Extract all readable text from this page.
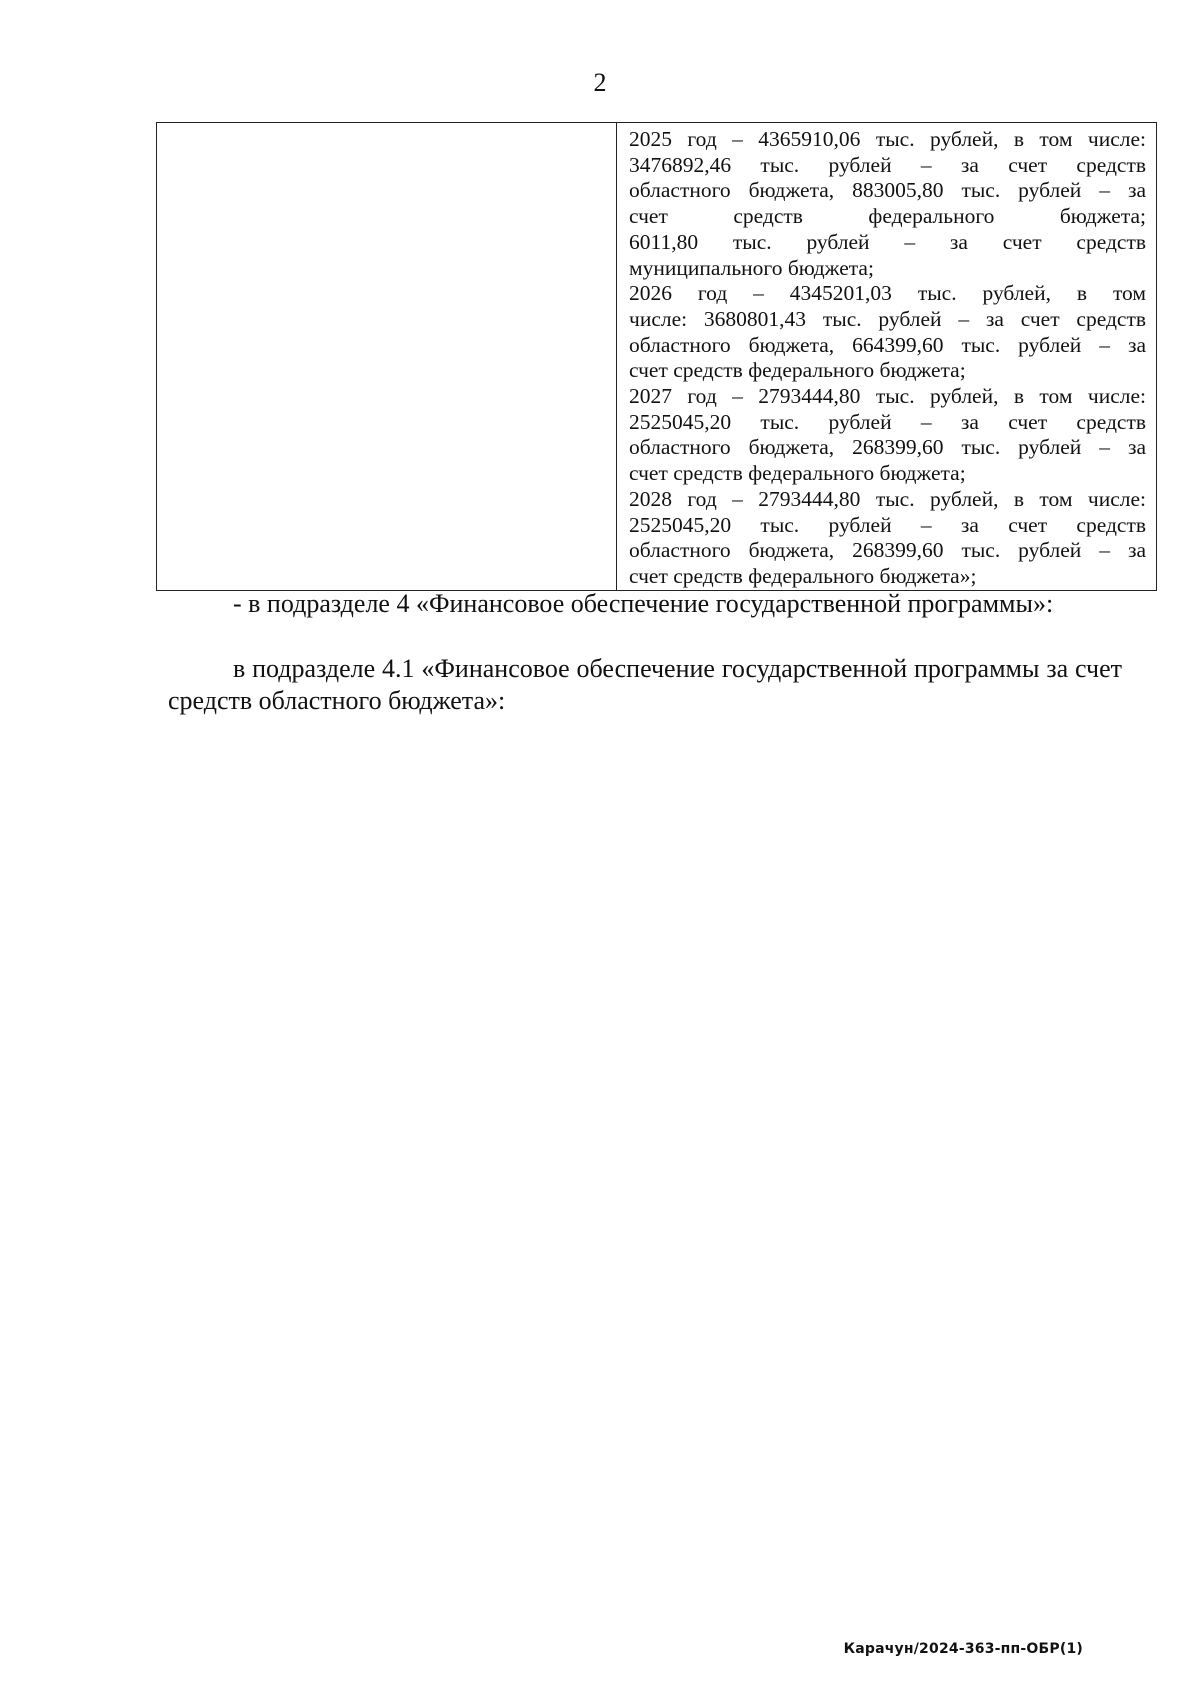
2

2025 год – 4365910,06 тыс. рублей, в том числе:

3476892,46 тыс. рублей – за счет средств

областного бюджета, 883005,80 тыс. рублей – за

счет средств федерального бюджета;

6011,80 тыс. рублей – за счет средств

муниципального бюджета;

2026 год – 4345201,03 тыс. рублей, в том

числе: 3680801,43 тыс. рублей – за счет средств

областного бюджета, 664399,60 тыс. рублей – за

счет средств федерального бюджета;

2027 год – 2793444,80 тыс. рублей, в том числе:

2525045,20 тыс. рублей – за счет средств

областного бюджета, 268399,60 тыс. рублей – за

счет средств федерального бюджета;

2028 год – 2793444,80 тыс. рублей, в том числе:

2525045,20 тыс. рублей – за счет средств

областного бюджета, 268399,60 тыс. рублей – за

счет средств федерального бюджета»;

- в подразделе 4 «Финансовое обеспечение государственной программы»:

в подразделе 4.1 «Финансовое обеспечение государственной программы за счет средств областного бюджета»:

Карачун/2024-363-пп-ОБР(1)
